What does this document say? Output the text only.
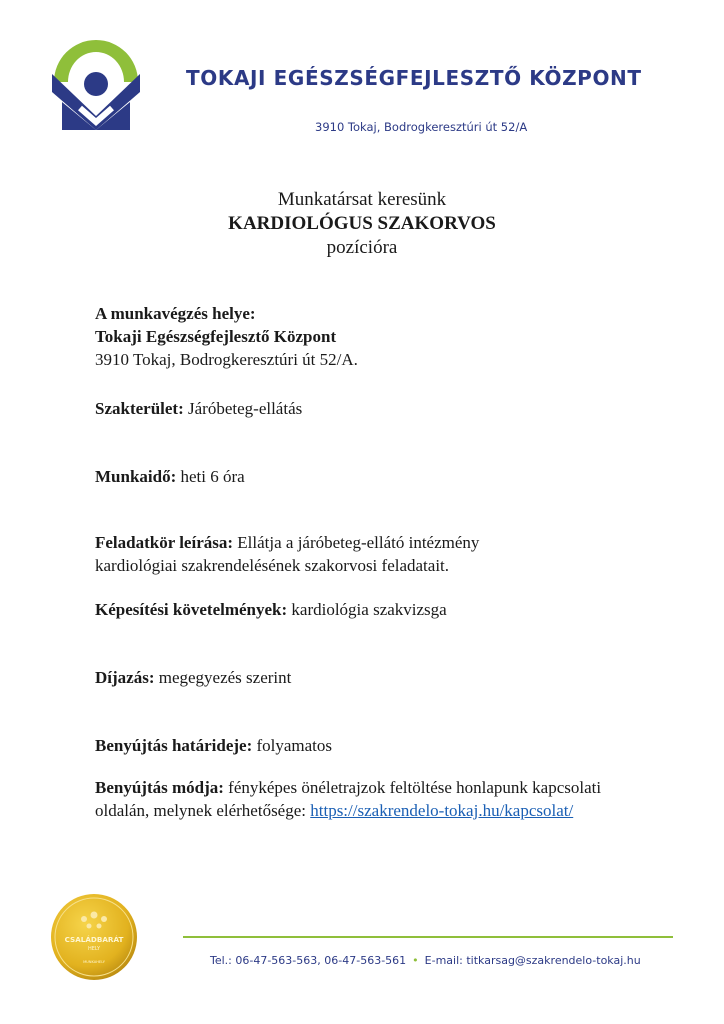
TOKAJI EGÉSZSÉGFEJLESZTŐ KÖZPONT
3910 Tokaj, Bodrogkeresztúri út 52/A
Munkatársat keresünk
KARDIOLÓGUS SZAKORVOS
pozícióra
A munkavégzés helye:
Tokaji Egészségfejlesztő Központ
3910 Tokaj, Bodrogkeresztúri út 52/A.
Szakterület: Járóbeteg-ellátás
Munkaidő: heti 6 óra
Feladatkör leírása: Ellátja a járóbeteg-ellátó intézmény
kardiológiai szakrendelésének szakorvosi feladatait.
Képesítési követelmények: kardiológia szakvizsga
Díjazás: megegyezés szerint
Benyújtás határideje: folyamatos
Benyújtás módja: fényképes önéletrajzok feltöltése honlapunk kapcsolati
oldalán, melynek elérhetősége: https://szakrendelo-tokaj.hu/kapcsolat/
CSALÁDBARÁT
HELY
MUNKAHELY	Tel.: 06-47-563-563, 06-47-563-561 • E-mail: titkarsag@szakrendelo-tokaj.hu
